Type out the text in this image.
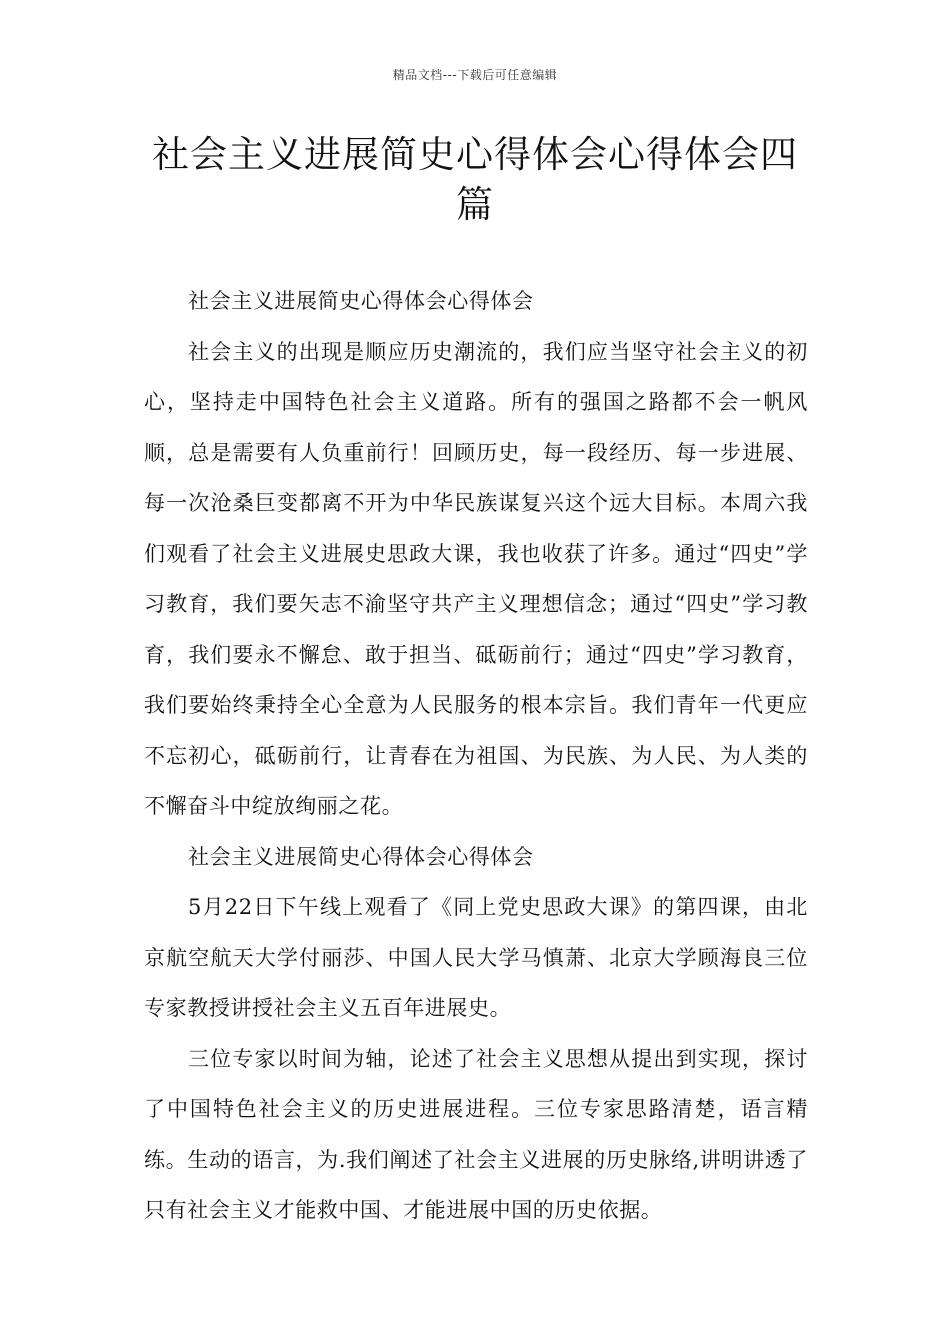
精品文档---下载后可任意编辑
社会主义进展简史心得体会心得体会四篇

社会主义进展简史心得体会心得体会

社会主义的出现是顺应历史潮流的，我们应当坚守社会主义的初心，坚持走中国特色社会主义道路。所有的强国之路都不会一帆风顺，总是需要有人负重前行！回顾历史，每一段经历、每一步进展、每一次沧桑巨变都离不开为中华民族谋复兴这个远大目标。本周六我们观看了社会主义进展史思政大课，我也收获了许多。通过“四史”学习教育，我们要矢志不渝坚守共产主义理想信念；通过“四史”学习教育，我们要永不懈怠、敢于担当、砥砺前行；通过“四史”学习教育，我们要始终秉持全心全意为人民服务的根本宗旨。我们青年一代更应不忘初心，砥砺前行，让青春在为祖国、为民族、为人民、为人类的不懈奋斗中绽放绚丽之花。

社会主义进展简史心得体会心得体会

5月22日下午线上观看了《同上党史思政大课》的第四课，由北京航空航天大学付丽莎、中国人民大学马慎萧、北京大学顾海良三位专家教授讲授社会主义五百年进展史。

三位专家以时间为轴，论述了社会主义思想从提出到实现，探讨了中国特色社会主义的历史进展进程。三位专家思路清楚，语言精练。生动的语言，为.我们阐述了社会主义进展的历史脉络,讲明讲透了只有社会主义才能救中国、才能进展中国的历史依据。
